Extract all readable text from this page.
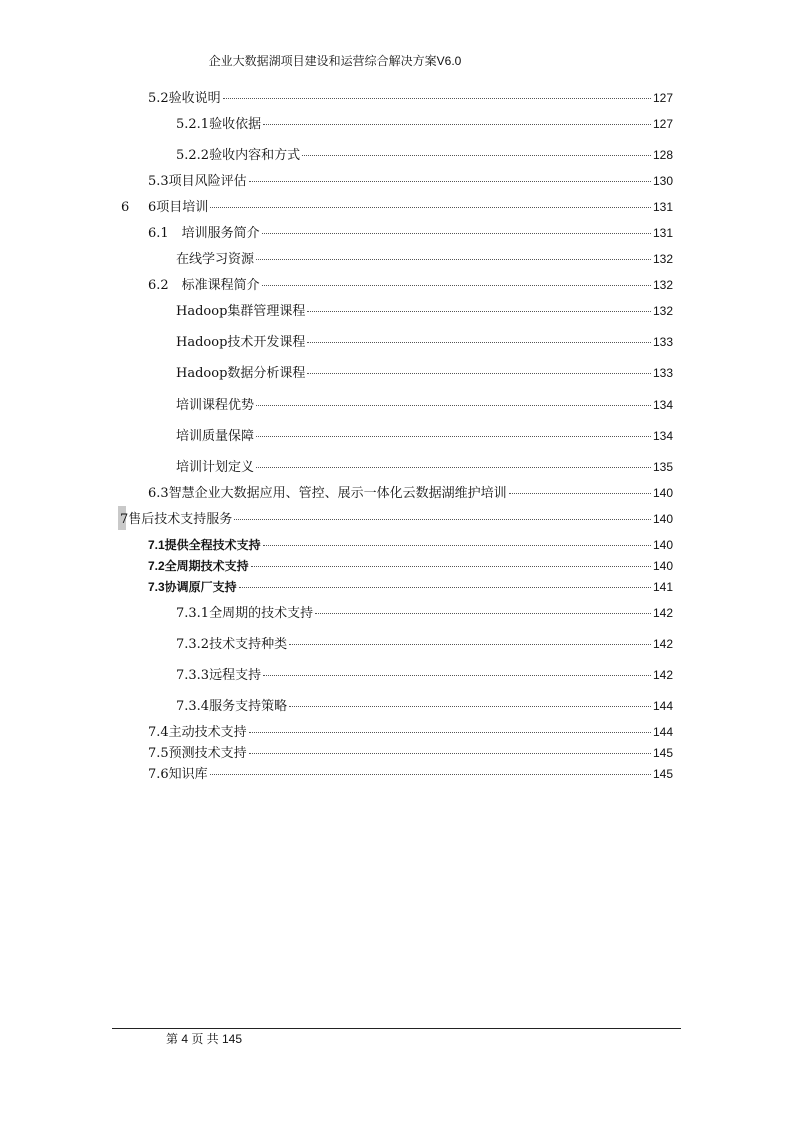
企业大数据湖项目建设和运营综合解决方案V6.0
6
5.2验收说明	127
5.2.1验收依据	127
5.2.2验收内容和方式	128
5.3项目风险评估	130
6项目培训	131
6.1　培训服务简介	131
在线学习资源	132
6.2　标准课程简介	132
Hadoop集群管理课程	132
Hadoop技术开发课程	133
Hadoop数据分析课程	133
培训课程优势	134
培训质量保障	134
培训计划定义	135
6.3智慧企业大数据应用、管控、展示一体化云数据湖维护培训	140
7售后技术支持服务	140
7.1提供全程技术支持	140
7.2全周期技术支持	140
7.3协调原厂支持	141
7.3.1全周期的技术支持	142
7.3.2技术支持种类	142
7.3.3远程支持	142
7.3.4服务支持策略	144
7.4主动技术支持	144
7.5预测技术支持	145
7.6知识库	145
第 4 页 共 145
